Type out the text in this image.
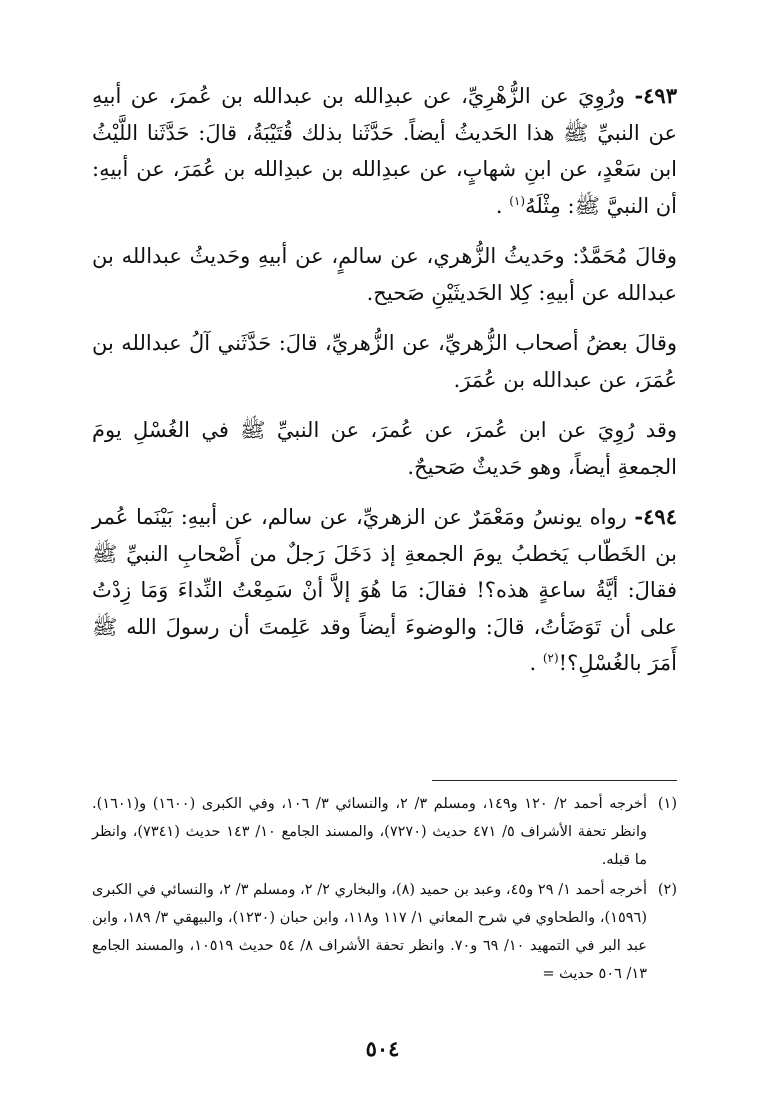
٤٩٣- ورُوِيَ عن الزُّهْرِيِّ، عن عبدِالله بن عبدالله بن عُمرَ، عن أبيهِ عن النبيِّ ﷺ هذا الحَديثُ أيضاً. حَدَّثَنا بذلك قُتَيْبَةُ، قالَ: حَدَّثَنا اللَّيْثُ ابن سَعْدٍ، عن ابنِ شهابٍ، عن عبدِالله بن عبدِالله بن عُمَرَ، عن أبيهِ: أن النبيَّ ﷺ: مِثْلَهُ$^{(١)}$ .

وقالَ مُحَمَّدٌ: وحَديثُ الزُّهري، عن سالمٍ، عن أبيهِ وحَديثُ عبدالله بن عبدالله عن أبيهِ: كِلا الحَديثَيْنِ صَحيح.

وقالَ بعضُ أصحاب الزُّهريِّ، عن الزُّهريِّ، قالَ: حَدَّثَني آلُ عبدالله بن عُمَرَ، عن عبدالله بن عُمَرَ.

وقد رُوِيَ عن ابن عُمرَ، عن عُمرَ، عن النبيِّ ﷺ في الغُسْلِ يومَ الجمعةِ أيضاً، وهو حَديثٌ صَحيحٌ.

٤٩٤- رواه يونسُ ومَعْمَرٌ عن الزهريِّ، عن سالم، عن أبيهِ: بَيْنَما عُمر بن الخَطّاب يَخطبُ يومَ الجمعةِ إذ دَخَلَ رَجلٌ من أَصْحابِ النبيِّ ﷺ فقالَ: أيَّةُ ساعةٍ هذه؟! فقالَ: مَا هُوَ إلاَّ أنْ سَمِعْتُ النِّداءَ وَمَا زِدْتُ على أن تَوَضَأتُ، قالَ: والوضوءَ أيضاً وقد عَلِمتَ أن رسولَ الله ﷺ أَمَرَ بالغُسْلِ؟!$^{(٢)}$ .

(١)
أخرجه أحمد ٢/ ١٢٠ و١٤٩، ومسلم ٣/ ٢، والنسائي ٣/ ١٠٦، وفي الكبرى (١٦٠٠) و(١٦٠١). وانظر تحفة الأشراف ٥/ ٤٧١ حديث (٧٢٧٠)، والمسند الجامع ١٠/ ١٤٣ حديث (٧٣٤١)، وانظر ما قبله.
(٢)
أخرجه أحمد ١/ ٢٩ و٤٥، وعبد بن حميد (٨)، والبخاري ٢/ ٢، ومسلم ٣/ ٢، والنسائي في الكبرى (١٥٩٦)، والطحاوي في شرح المعاني ١/ ١١٧ و١١٨، وابن حبان (١٢٣٠)، والبيهقي ٣/ ١٨٩، وابن عبد البر في التمهيد ١٠/ ٦٩ و٧٠. وانظر تحفة الأشراف ٨/ ٥٤ حديث ١٠٥١٩، والمسند الجامع ١٣/ ٥٠٦ حديث =
٥٠٤
